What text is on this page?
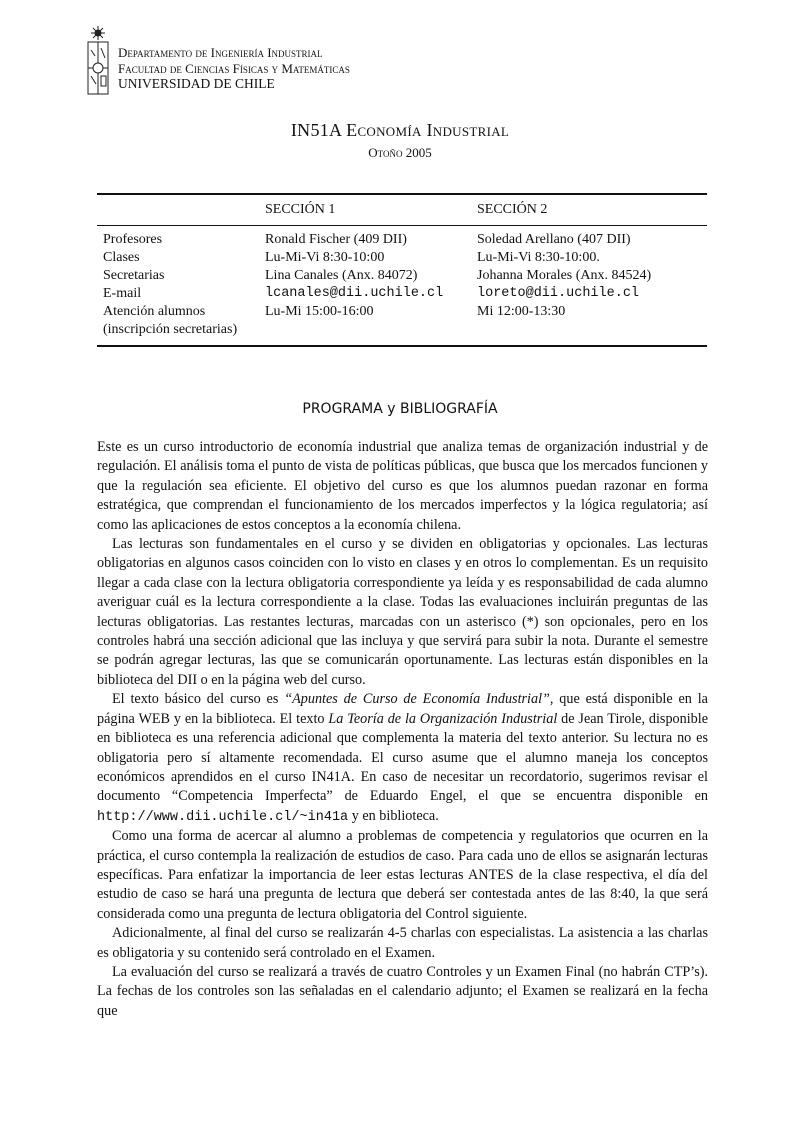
Departamento de Ingeniería Industrial
Facultad de Ciencias Físicas y Matemáticas
UNIVERSIDAD DE CHILE
IN51A Economía Industrial
Otoño 2005
	SECCIÓN 1	SECCIÓN 2
Profesores	Ronald Fischer (409 DII)	Soledad Arellano (407 DII)
Clases	Lu-Mi-Vi 8:30-10:00	Lu-Mi-Vi 8:30-10:00.
Secretarias	Lina Canales (Anx. 84072)	Johanna Morales (Anx. 84524)
E-mail	lcanales@dii.uchile.cl	loreto@dii.uchile.cl
Atención alumnos	Lu-Mi 15:00-16:00	Mi 12:00-13:30
(inscripción secretarias)		
PROGRAMA y BIBLIOGRAFÍA

Este es un curso introductorio de economía industrial que analiza temas de organización industrial y de regulación. El análisis toma el punto de vista de políticas públicas, que busca que los mercados funcionen y que la regulación sea eficiente. El objetivo del curso es que los alumnos puedan razonar en forma estratégica, que comprendan el funcionamiento de los mercados imperfectos y la lógica regulatoria; así como las aplicaciones de estos conceptos a la economía chilena.

Las lecturas son fundamentales en el curso y se dividen en obligatorias y opcionales. Las lecturas obligatorias en algunos casos coinciden con lo visto en clases y en otros lo complementan. Es un requisito llegar a cada clase con la lectura obligatoria correspondiente ya leída y es responsabilidad de cada alumno averiguar cuál es la lectura correspondiente a la clase. Todas las evaluaciones incluirán preguntas de las lecturas obligatorias. Las restantes lecturas, marcadas con un asterisco (*) son opcionales, pero en los controles habrá una sección adicional que las incluya y que servirá para subir la nota. Durante el semestre se podrán agregar lecturas, las que se comunicarán oportunamente. Las lecturas están disponibles en la biblioteca del DII o en la página web del curso.

El texto básico del curso es “Apuntes de Curso de Economía Industrial”, que está disponible en la página WEB y en la biblioteca. El texto La Teoría de la Organización Industrial de Jean Tirole, disponible en biblioteca es una referencia adicional que complementa la materia del texto anterior. Su lectura no es obligatoria pero sí altamente recomendada. El curso asume que el alumno maneja los conceptos económicos aprendidos en el curso IN41A. En caso de necesitar un recordatorio, sugerimos revisar el documento “Competencia Imperfecta” de Eduardo Engel, el que se encuentra disponible en http://www.dii.uchile.cl/~in41a y en biblioteca.

Como una forma de acercar al alumno a problemas de competencia y regulatorios que ocurren en la práctica, el curso contempla la realización de estudios de caso. Para cada uno de ellos se asignarán lecturas específicas. Para enfatizar la importancia de leer estas lecturas ANTES de la clase respectiva, el día del estudio de caso se hará una pregunta de lectura que deberá ser contestada antes de las 8:40, la que será considerada como una pregunta de lectura obligatoria del Control siguiente.

Adicionalmente, al final del curso se realizarán 4-5 charlas con especialistas. La asistencia a las charlas es obligatoria y su contenido será controlado en el Examen.

La evaluación del curso se realizará a través de cuatro Controles y un Examen Final (no habrán CTP’s). La fechas de los controles son las señaladas en el calendario adjunto; el Examen se realizará en la fecha que
